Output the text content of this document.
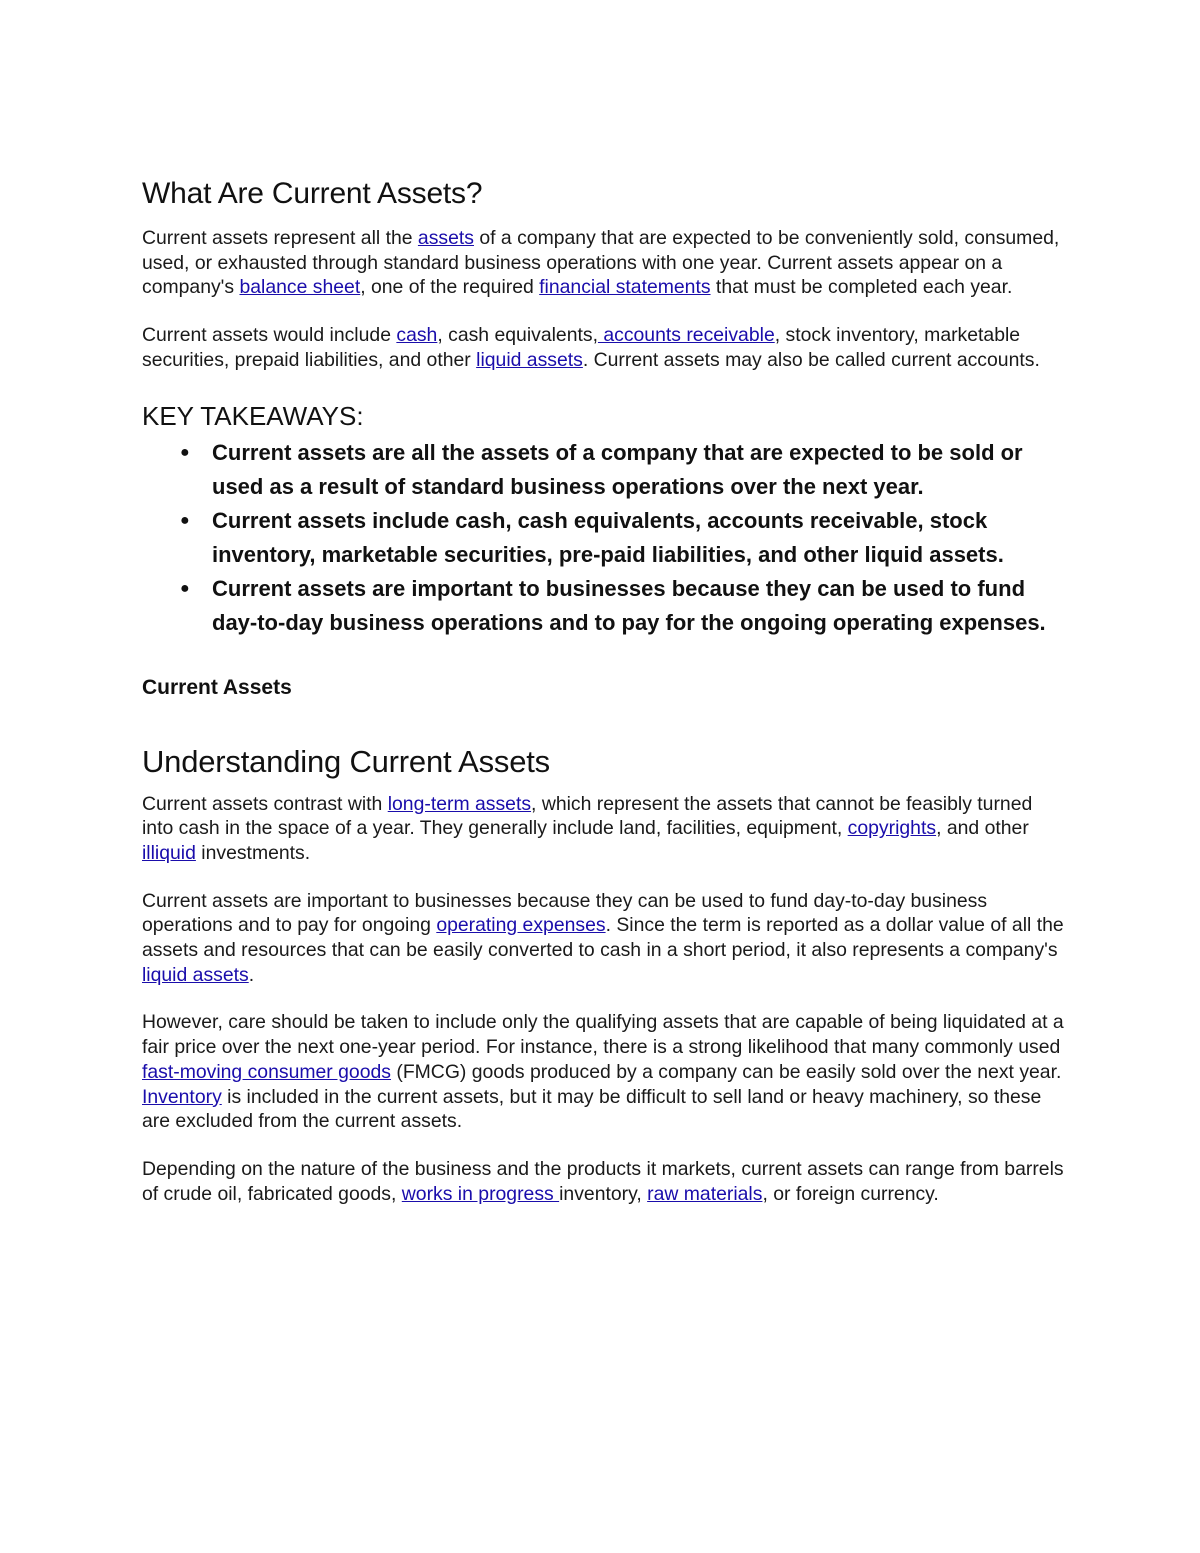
What Are Current Assets?

Current assets represent all the assets of a company that are expected to be conveniently sold, consumed, used, or exhausted through standard business operations with one year. Current assets appear on a company's balance sheet, one of the required financial statements that must be completed each year.

Current assets would include cash, cash equivalents, accounts receivable, stock inventory, marketable securities, prepaid liabilities, and other liquid assets. Current assets may also be called current accounts.

KEY TAKEAWAYS:
● Current assets are all the assets of a company that are expected to be sold or used as a result of standard business operations over the next year.
● Current assets include cash, cash equivalents, accounts receivable, stock inventory, marketable securities, pre-paid liabilities, and other liquid assets.
● Current assets are important to businesses because they can be used to fund day-to-day business operations and to pay for the ongoing operating expenses.
Current Assets
Understanding Current Assets

Current assets contrast with long-term assets, which represent the assets that cannot be feasibly turned into cash in the space of a year. They generally include land, facilities, equipment, copyrights, and other illiquid investments.

Current assets are important to businesses because they can be used to fund day-to-day business operations and to pay for ongoing operating expenses. Since the term is reported as a dollar value of all the assets and resources that can be easily converted to cash in a short period, it also represents a company's liquid assets.

However, care should be taken to include only the qualifying assets that are capable of being liquidated at a fair price over the next one-year period. For instance, there is a strong likelihood that many commonly used fast-moving consumer goods (FMCG) goods produced by a company can be easily sold over the next year. Inventory is included in the current assets, but it may be difficult to sell land or heavy machinery, so these are excluded from the current assets.

Depending on the nature of the business and the products it markets, current assets can range from barrels of crude oil, fabricated goods, works in progress inventory, raw materials, or foreign currency.
